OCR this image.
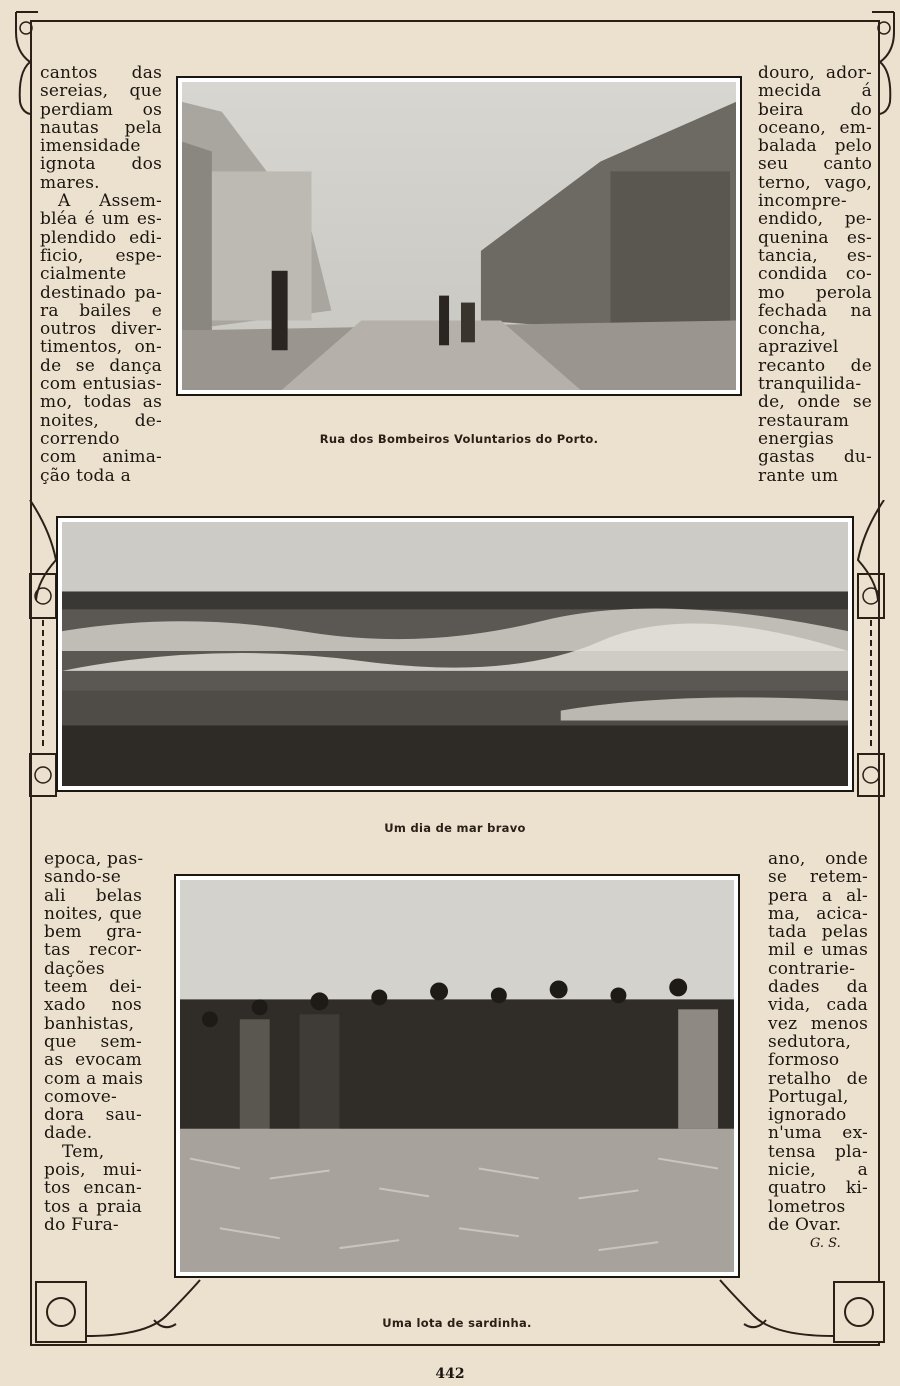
cantos das
sereias, que
perdiam os
nautas pela
imensidade
ignota dos
mares.
A Assem-
bléa é um es-
plendido edi-
ficio, espe-
cialmente
destinado pa-
ra bailes e
outros diver-
timentos, on-
de se dança
com entusias-
mo, todas as
noites, de-
correndo
com anima-
ção toda a
Rua dos Bombeiros Voluntarios do Porto.
douro, ador-
mecida á
beira do
oceano, em-
balada pelo
seu canto
terno, vago,
incompre-
endido, pe-
quenina es-
tancia, es-
condida co-
mo perola
fechada na
concha,
aprazivel
recanto de
tranquilida-
de, onde se
restauram
energias
gastas du-
rante um
Um dia de mar bravo
epoca, pas-
sando-se
ali belas
noites, que
bem gra-
tas recor-
dações
teem dei-
xado nos
banhistas,
que sem-
as evocam
com a mais
comove-
dora sau-
dade.
Tem,
pois, mui-
tos encan-
tos a praia
do Fura-
Uma lota de sardinha.
ano, onde
se retem-
pera a al-
ma, acica-
tada pelas
mil e umas
contrarie-
dades da
vida, cada
vez menos
sedutora,
formoso
retalho de
Portugal,
ignorado
n'uma ex-
tensa pla-
nicie, a
quatro ki-
lometros
de Ovar.
G. S.
442
